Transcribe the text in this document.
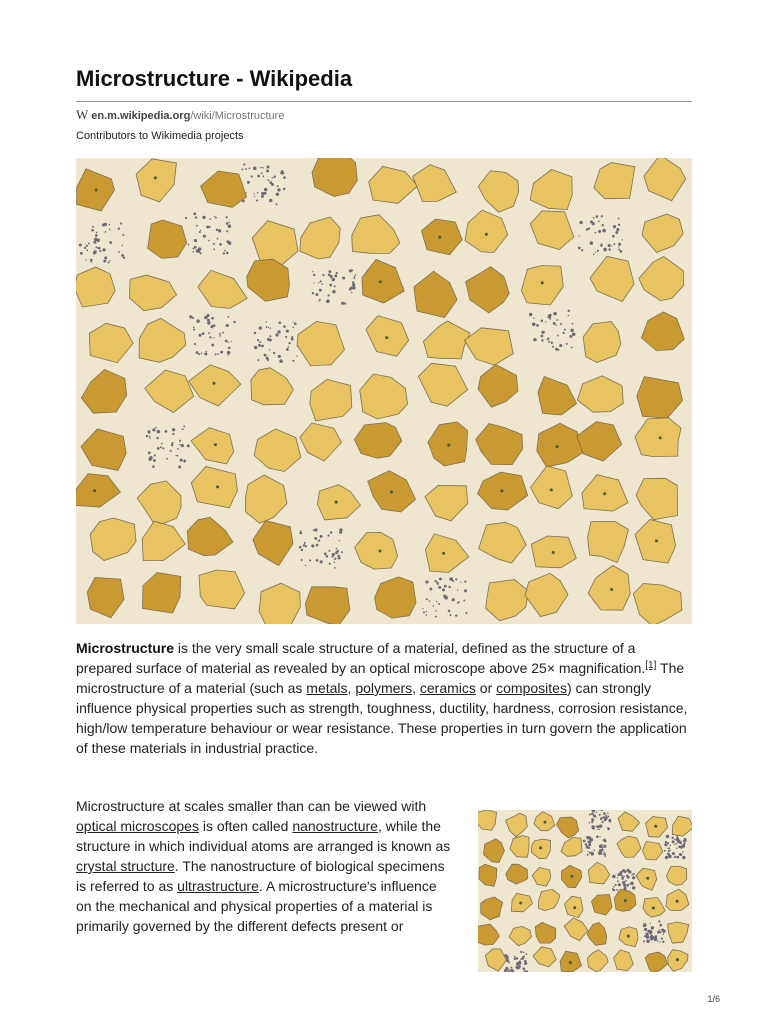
Microstructure - Wikipedia
W en.m.wikipedia.org/wiki/Microstructure
Contributors to Wikimedia projects

Microstructure is the very small scale structure of a material, defined as the structure of a prepared surface of material as revealed by an optical microscope above 25× magnification.[1] The microstructure of a material (such as metals, polymers, ceramics or composites) can strongly influence physical properties such as strength, toughness, ductility, hardness, corrosion resistance, high/low temperature behaviour or wear resistance. These properties in turn govern the application of these materials in industrial practice.

Microstructure at scales smaller than can be viewed with optical microscopes is often called nanostructure, while the structure in which individual atoms are arranged is known as crystal structure. The nanostructure of biological specimens is referred to as ultrastructure. A microstructure's influence on the mechanical and physical properties of a material is primarily governed by the different defects present or

1/6
